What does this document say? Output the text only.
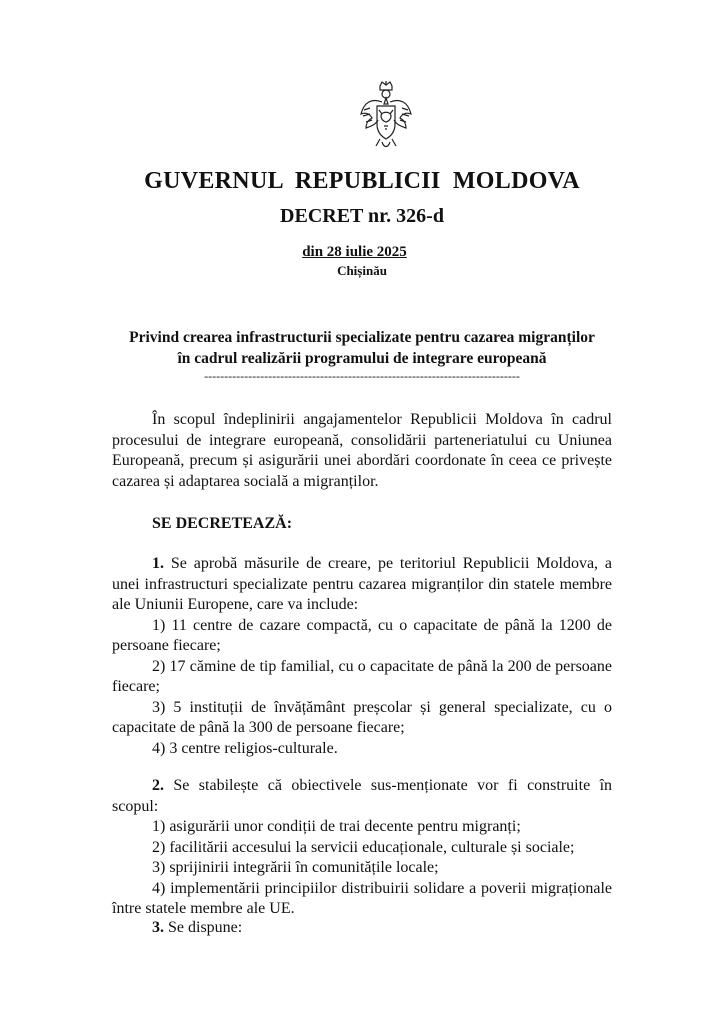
GUVERNUL REPUBLICII MOLDOVA
DECRET nr. 326-d
din 28 iulie 2025
Chișinău
Privind crearea infrastructurii specializate pentru cazarea migranților
în cadrul realizării programului de integrare europeană
-------------------------------------------------------------------------------
În scopul îndeplinirii angajamentelor Republicii Moldova în cadrul procesului de integrare europeană, consolidării parteneriatului cu Uniunea Europeană, precum și asigurării unei abordări coordonate în ceea ce privește cazarea și adaptarea socială a migranților.
SE DECRETEAZĂ:
1. Se aprobă măsurile de creare, pe teritoriul Republicii Moldova, a unei infrastructuri specializate pentru cazarea migranților din statele membre ale Uniunii Europene, care va include:
1) 11 centre de cazare compactă, cu o capacitate de până la 1200 de persoane fiecare;
2) 17 cămine de tip familial, cu o capacitate de până la 200 de persoane fiecare;
3) 5 instituții de învățământ preșcolar și general specializate, cu o capacitate de până la 300 de persoane fiecare;
4) 3 centre religios-culturale.
2. Se stabilește că obiectivele sus-menționate vor fi construite în scopul:
1) asigurării unor condiții de trai decente pentru migranți;
2) facilitării accesului la servicii educaționale, culturale și sociale;
3) sprijinirii integrării în comunitățile locale;
4) implementării principiilor distribuirii solidare a poverii migraționale între statele membre ale UE.
3. Se dispune:
